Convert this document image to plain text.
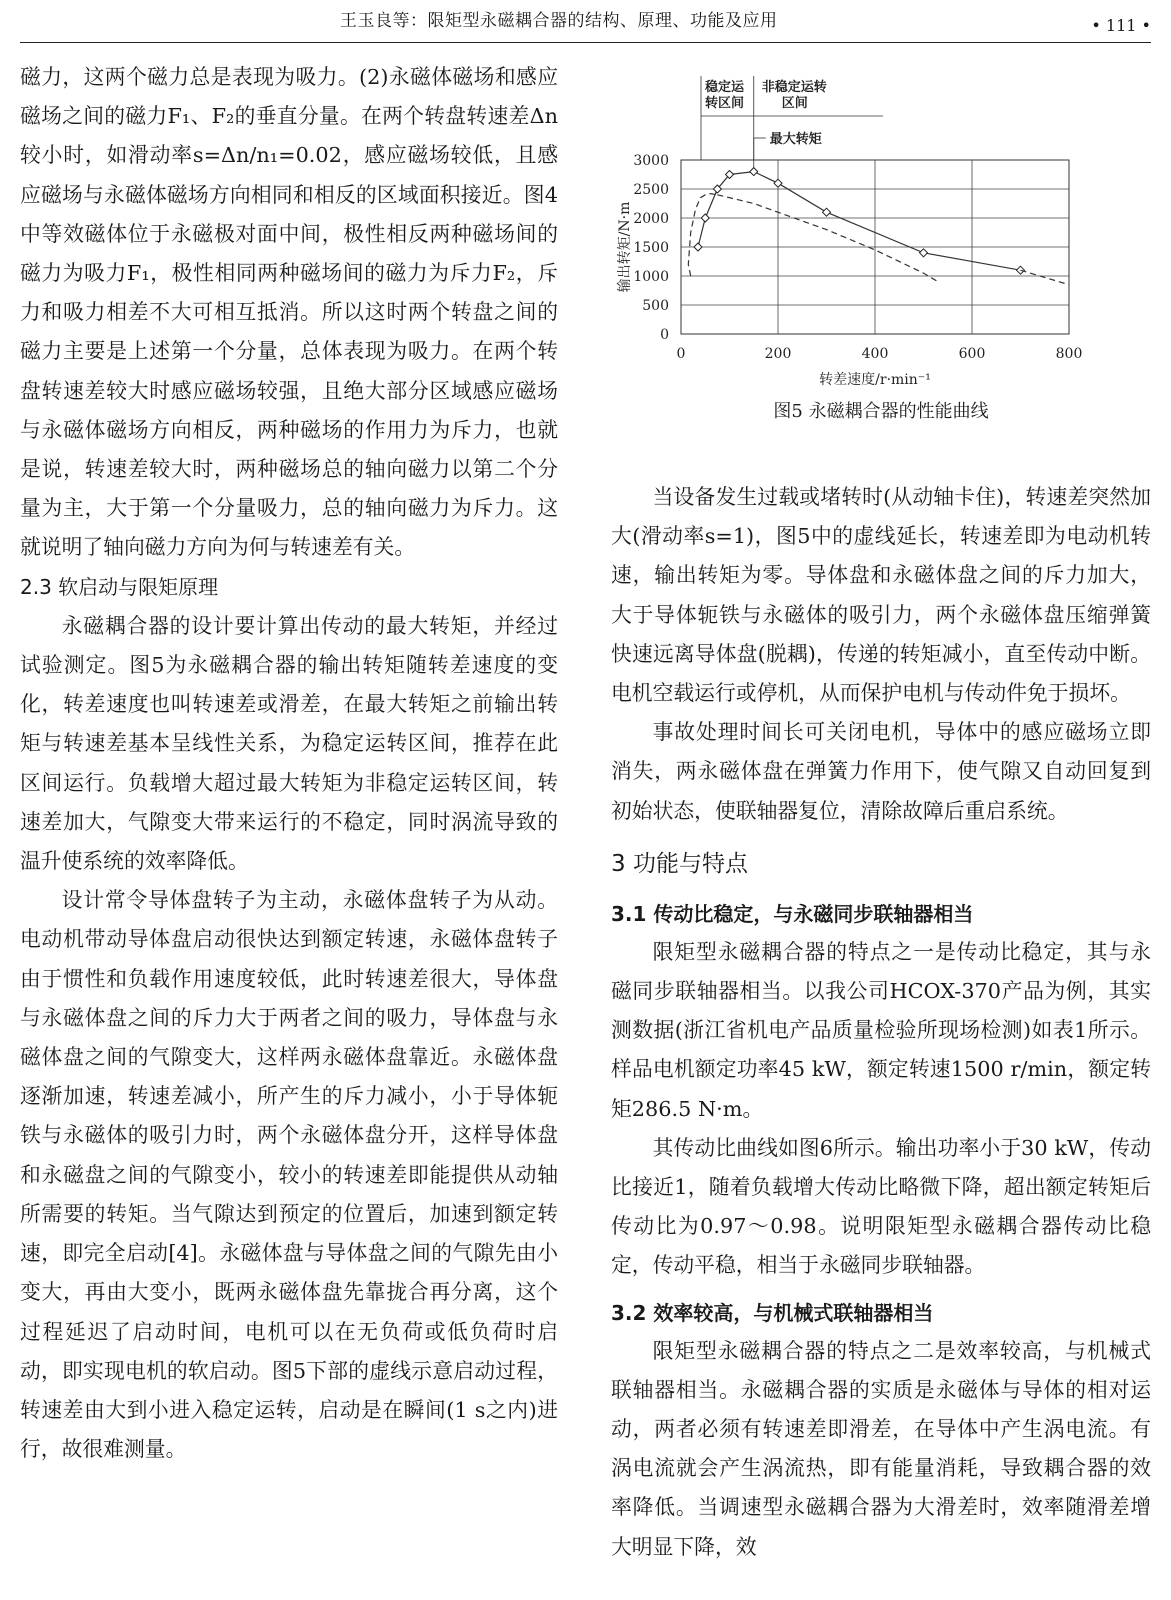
王玉良等：限矩型永磁耦合器的结构、原理、功能及应用	• 111 •

磁力，这两个磁力总是表现为吸力。(2)永磁体磁场和感应磁场之间的磁力F₁、F₂的垂直分量。在两个转盘转速差Δn较小时，如滑动率s=Δn/n₁=0.02，感应磁场较低，且感应磁场与永磁体磁场方向相同和相反的区域面积接近。图4中等效磁体位于永磁极对面中间，极性相反两种磁场间的磁力为吸力F₁，极性相同两种磁场间的磁力为斥力F₂，斥力和吸力相差不大可相互抵消。所以这时两个转盘之间的磁力主要是上述第一个分量，总体表现为吸力。在两个转盘转速差较大时感应磁场较强，且绝大部分区域感应磁场与永磁体磁场方向相反，两种磁场的作用力为斥力，也就是说，转速差较大时，两种磁场总的轴向磁力以第二个分量为主，大于第一个分量吸力，总的轴向磁力为斥力。这就说明了轴向磁力方向为何与转速差有关。

2.3 软启动与限矩原理

永磁耦合器的设计要计算出传动的最大转矩，并经过试验测定。图5为永磁耦合器的输出转矩随转差速度的变化，转差速度也叫转速差或滑差，在最大转矩之前输出转矩与转速差基本呈线性关系，为稳定运转区间，推荐在此区间运行。负载增大超过最大转矩为非稳定运转区间，转速差加大，气隙变大带来运行的不稳定，同时涡流导致的温升使系统的效率降低。

设计常令导体盘转子为主动，永磁体盘转子为从动。电动机带动导体盘启动很快达到额定转速，永磁体盘转子由于惯性和负载作用速度较低，此时转速差很大，导体盘与永磁体盘之间的斥力大于两者之间的吸力，导体盘与永磁体盘之间的气隙变大，这样两永磁体盘靠近。永磁体盘逐渐加速，转速差减小，所产生的斥力减小，小于导体轭铁与永磁体的吸引力时，两个永磁体盘分开，这样导体盘和永磁盘之间的气隙变小，较小的转速差即能提供从动轴所需要的转矩。当气隙达到预定的位置后，加速到额定转速，即完全启动[4]。永磁体盘与导体盘之间的气隙先由小变大，再由大变小，既两永磁体盘先靠拢合再分离，这个过程延迟了启动时间，电机可以在无负荷或低负荷时启动，即实现电机的软启动。图5下部的虚线示意启动过程，转速差由大到小进入稳定运转，启动是在瞬间(1 s之内)进行，故很难测量。

0	200	400	600	800
0
500
1000
1500
2000
2500
3000
转差速度/r·min⁻¹
输出转矩/N·m
稳定运
转区间
非稳定运转
区间
最大转矩
图5 永磁耦合器的性能曲线

当设备发生过载或堵转时(从动轴卡住)，转速差突然加大(滑动率s=1)，图5中的虚线延长，转速差即为电动机转速，输出转矩为零。导体盘和永磁体盘之间的斥力加大，大于导体轭铁与永磁体的吸引力，两个永磁体盘压缩弹簧快速远离导体盘(脱耦)，传递的转矩减小，直至传动中断。电机空载运行或停机，从而保护电机与传动件免于损坏。

事故处理时间长可关闭电机，导体中的感应磁场立即消失，两永磁体盘在弹簧力作用下，使气隙又自动回复到初始状态，使联轴器复位，清除故障后重启系统。

3 功能与特点
3.1 传动比稳定，与永磁同步联轴器相当

限矩型永磁耦合器的特点之一是传动比稳定，其与永磁同步联轴器相当。以我公司HCOX-370产品为例，其实测数据(浙江省机电产品质量检验所现场检测)如表1所示。样品电机额定功率45 kW，额定转速1500 r/min，额定转矩286.5 N·m。

其传动比曲线如图6所示。输出功率小于30 kW，传动比接近1，随着负载增大传动比略微下降，超出额定转矩后传动比为0.97～0.98。说明限矩型永磁耦合器传动比稳定，传动平稳，相当于永磁同步联轴器。

3.2 效率较高，与机械式联轴器相当

限矩型永磁耦合器的特点之二是效率较高，与机械式联轴器相当。永磁耦合器的实质是永磁体与导体的相对运动，两者必须有转速差即滑差，在导体中产生涡电流。有涡电流就会产生涡流热，即有能量消耗，导致耦合器的效率降低。当调速型永磁耦合器为大滑差时，效率随滑差增大明显下降，效
